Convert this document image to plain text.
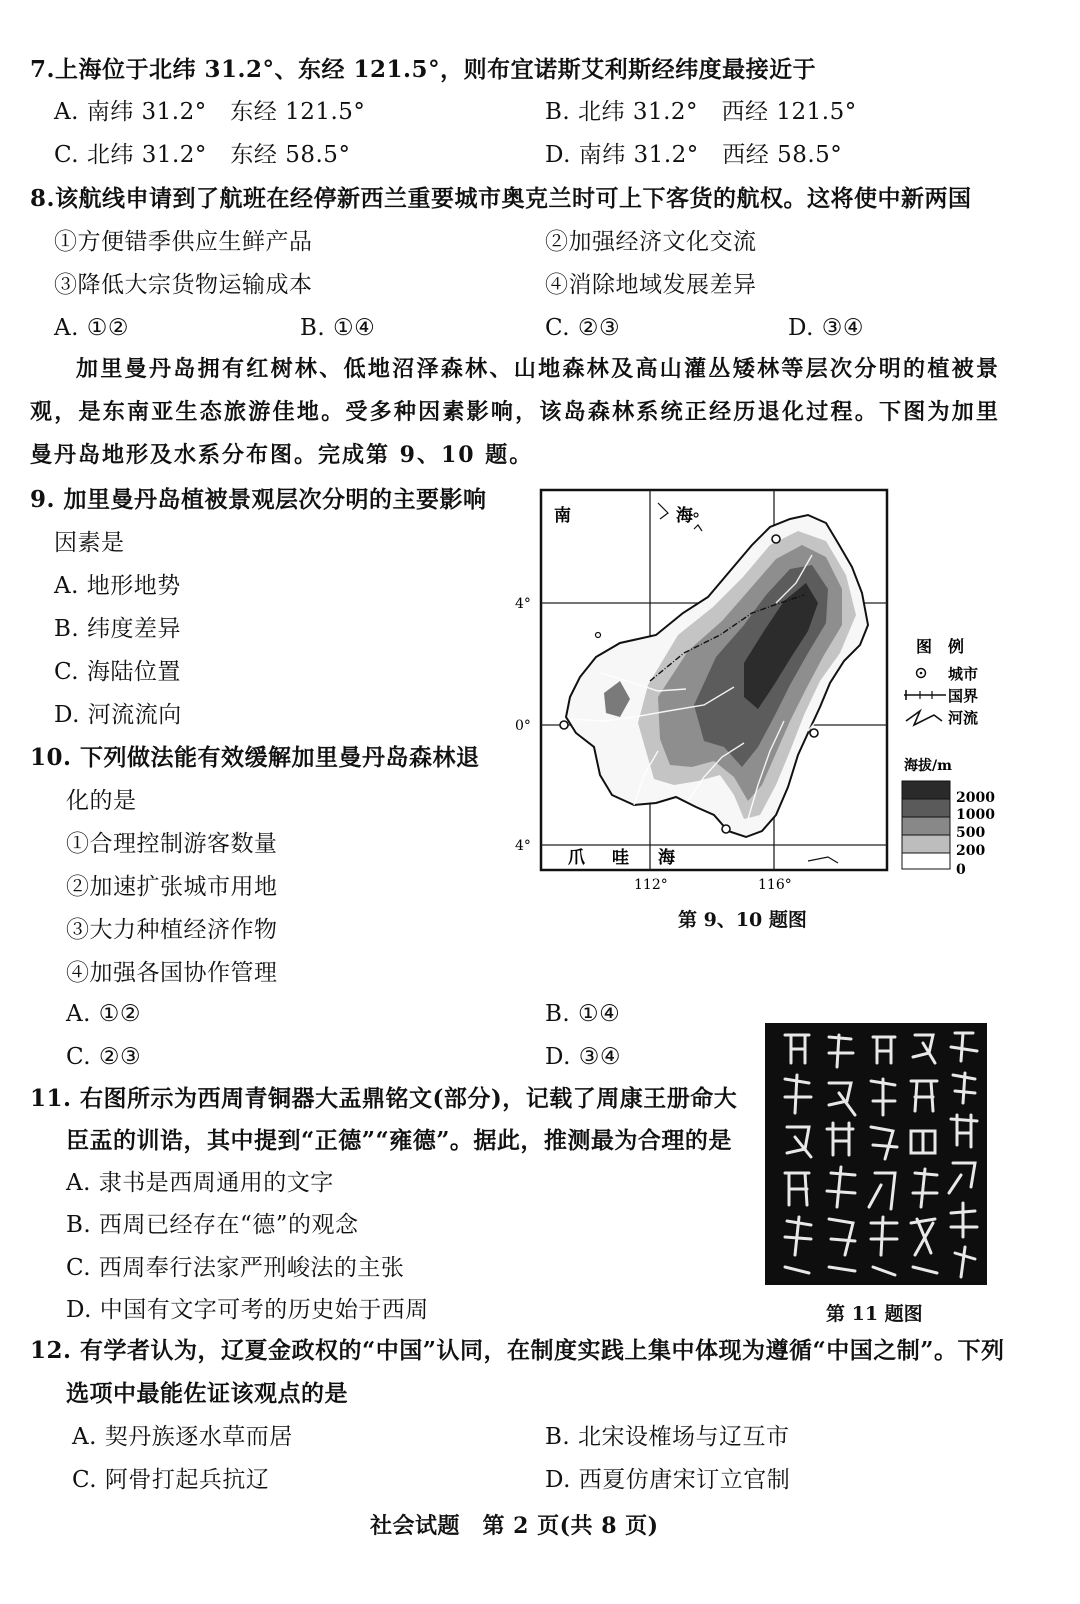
7.上海位于北纬 31.2°、东经 121.5°，则布宜诺斯艾利斯经纬度最接近于
A. 南纬 31.2°　东经 121.5°	B. 北纬 31.2°　西经 121.5°
C. 北纬 31.2°　东经 58.5°	D. 南纬 31.2°　西经 58.5°
8.该航线申请到了航班在经停新西兰重要城市奥克兰时可上下客货的航权。这将使中新两国
①方便错季供应生鲜产品	②加强经济文化交流
③降低大宗货物运输成本	④消除地域发展差异
A. ①②	B. ①④	C. ②③	D. ③④
加里曼丹岛拥有红树林、低地沼泽森林、山地森林及高山灌丛矮林等层次分明的植被景观，是东南亚生态旅游佳地。受多种因素影响，该岛森林系统正经历退化过程。下图为加里曼丹岛地形及水系分布图。完成第 9、10 题。
9. 加里曼丹岛植被景观层次分明的主要影响
因素是
A. 地形地势
B. 纬度差异
C. 海陆位置
D. 河流流向
10. 下列做法能有效缓解加里曼丹岛森林退
化的是
①合理控制游客数量
②加速扩张城市用地
③大力种植经济作物
④加强各国协作管理
A. ①②	B. ①④
C. ②③	D. ③④
南	海
爪 哇 海
4°
0°
4°
112°	116°
图　例
城市
国界
河流
海拔/m
2000
1000
500
200
0
第 9、10 题图
11. 右图所示为西周青铜器大盂鼎铭文(部分)，记载了周康王册命大
臣盂的训诰，其中提到“正德”“雍德”。据此，推测最为合理的是
A. 隶书是西周通用的文字
B. 西周已经存在“德”的观念
C. 西周奉行法家严刑峻法的主张
D. 中国有文字可考的历史始于西周	第 11 题图
12. 有学者认为，辽夏金政权的“中国”认同，在制度实践上集中体现为遵循“中国之制”。下列
选项中最能佐证该观点的是
A. 契丹族逐水草而居	B. 北宋设榷场与辽互市
C. 阿骨打起兵抗辽	D. 西夏仿唐宋订立官制
社会试题　第 2 页(共 8 页)
